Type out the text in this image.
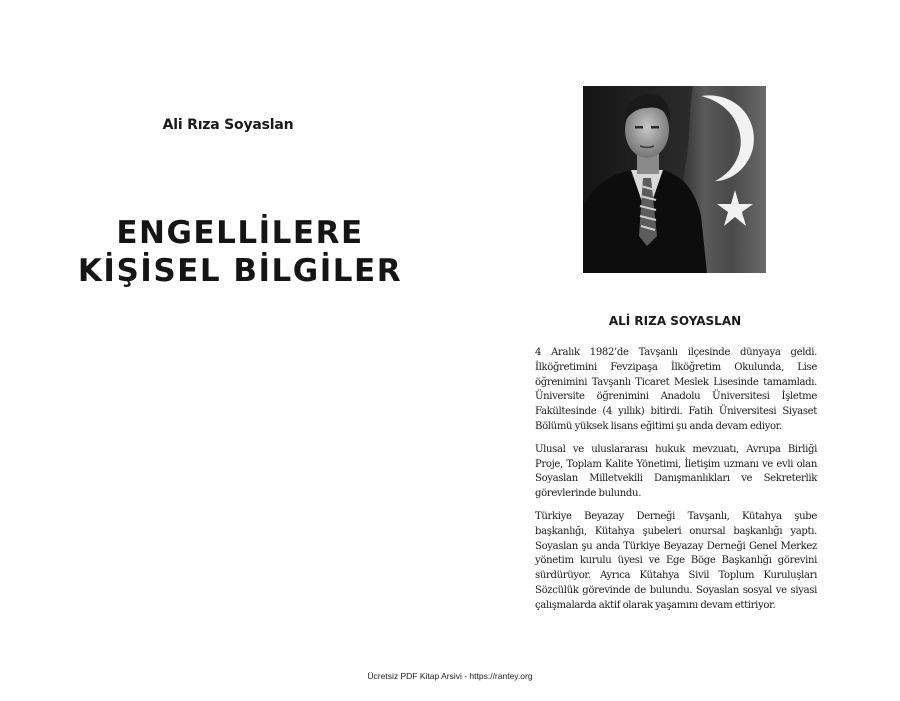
Ali Rıza Soyaslan
ENGELLİLERE
KİŞİSEL BİLGİLER
ALİ RIZA SOYASLAN

4 Aralık 1982’de Tavşanlı ilçesinde dünyaya geldi. İlköğretimini Fevzipaşa İlköğretim Okulunda, Lise öğrenimini Tavşanlı Ticaret Meslek Lisesinde tamamladı. Üniversite öğrenimini Anadolu Üniversitesi İşletme Fakültesinde (4 yıllık) bitirdi. Fatih Üniversitesi Siyaset Bölümü yüksek lisans eğitimi şu anda devam ediyor.

Ulusal ve uluslararası hukuk mevzuatı, Avrupa Birliği Proje, Toplam Kalite Yönetimi, İletişim uzmanı ve evli olan Soyaslan Milletvekili Danışmanlıkları ve Sekreterlik görevlerinde bulundu.

Türkiye Beyazay Derneği Tavşanlı, Kütahya şube başkanlığı, Kütahya şubeleri onursal başkanlığı yaptı. Soyaslan şu anda Türkiye Beyazay Derneği Genel Merkez yönetim kurulu üyesi ve Ege Böge Başkanlığı görevini sürdürüyor. Ayrıca Kütahya Sivil Toplum Kuruluşları Sözcülük görevinde de bulundu. Soyaslan sosyal ve siyasi çalışmalarda aktif olarak yaşamını devam ettiriyor.

Ücretsiz PDF Kitap Arsivi - https://rantey.org
